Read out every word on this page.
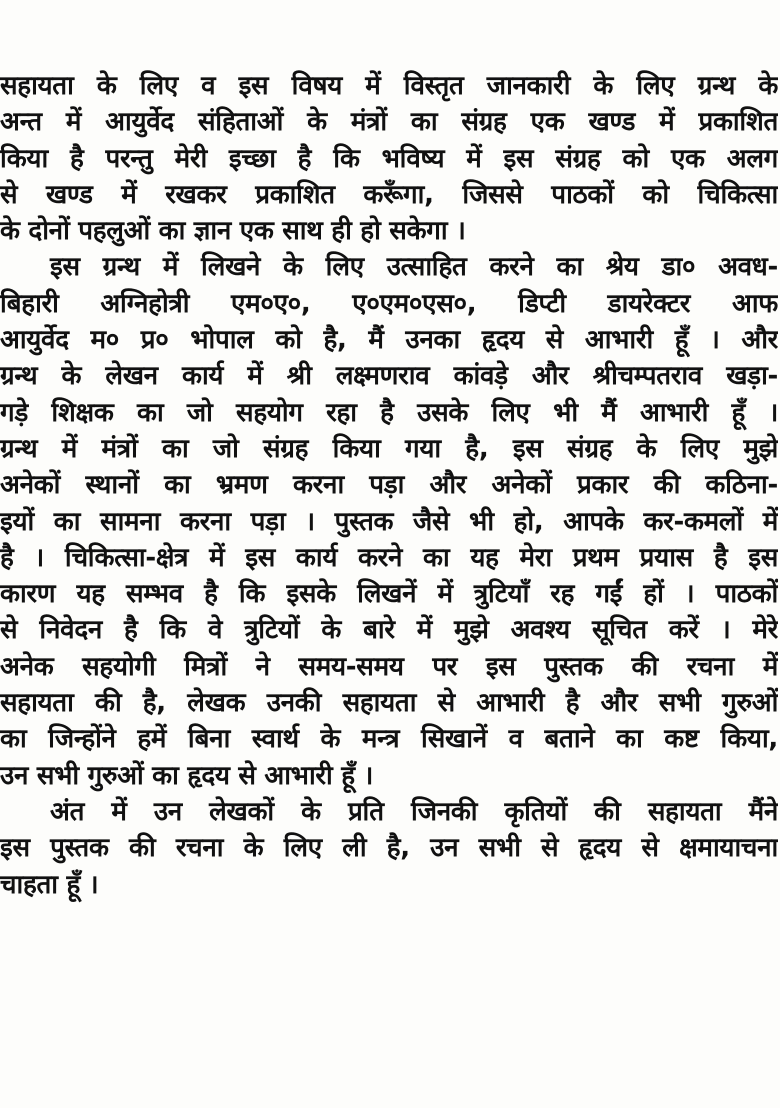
सहायता के लिए व इस विषय में विस्तृत जानकारी के लिए ग्रन्थ के
अन्त में आयुर्वेद संहिताओं के मंत्रों का संग्रह एक खण्ड में प्रकाशित
किया है परन्तु मेरी इच्छा है कि भविष्य में इस संग्रह को एक अलग
से खण्ड में रखकर प्रकाशित करूँगा, जिससे पाठकों को चिकित्सा
के दोनों पहलुओं का ज्ञान एक साथ ही हो सकेगा ।
इस ग्रन्थ में लिखने के लिए उत्साहित करने का श्रेय डा० अवध-
बिहारी अग्निहोत्री एम०ए०, ए०एम०एस०, डिप्टी डायरेक्टर आफ
आयुर्वेद म० प्र० भोपाल को है, मैं उनका हृदय से आभारी हूँ । और
ग्रन्थ के लेखन कार्य में श्री लक्ष्मणराव कांवड़े और श्रीचम्पतराव खड़ा-
गड़े शिक्षक का जो सहयोग रहा है उसके लिए भी मैं आभारी हूँ ।
ग्रन्थ में मंत्रों का जो संग्रह किया गया है, इस संग्रह के लिए मुझे
अनेकों स्थानों का भ्रमण करना पड़ा और अनेकों प्रकार की कठिना-
इयों का सामना करना पड़ा । पुस्तक जैसे भी हो, आपके कर-कमलों में
है । चिकित्सा-क्षेत्र में इस कार्य करने का यह मेरा प्रथम प्रयास है इस
कारण यह सम्भव है कि इसके लिखनें में त्रुटियाँ रह गईं हों । पाठकों
से निवेदन है कि वे त्रुटियों के बारे में मुझे अवश्य सूचित करें । मेरे
अनेक सहयोगी मित्रों ने समय-समय पर इस पुस्तक की रचना में
सहायता की है, लेखक उनकी सहायता से आभारी है और सभी गुरुओं
का जिन्होंने हमें बिना स्वार्थ के मन्त्र सिखानें व बताने का कष्ट किया,
उन सभी गुरुओं का हृदय से आभारी हूँ ।
अंत में उन लेखकों के प्रति जिनकी कृतियों की सहायता मैंने
इस पुस्तक की रचना के लिए ली है, उन सभी से हृदय से क्षमायाचना
चाहता हूँ ।
